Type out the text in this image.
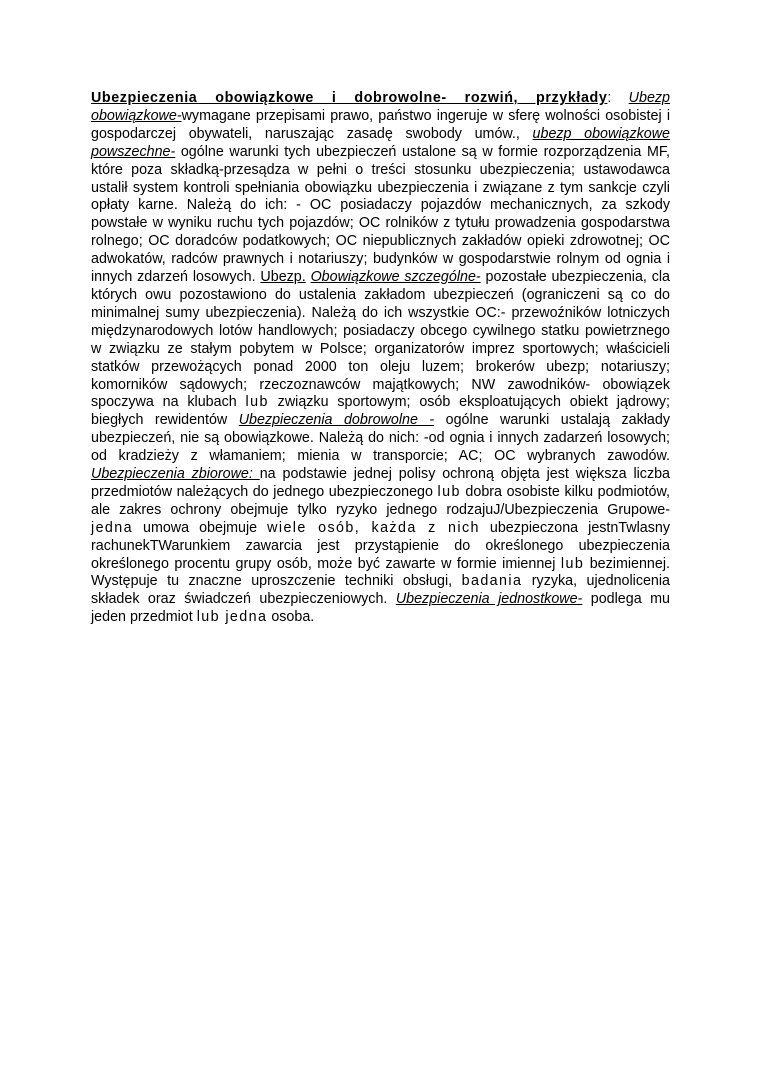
Ubezpieczenia obowiązkowe i dobrowolne- rozwiń, przykłady: Ubezp obowiązkowe-wymagane przepisami prawo, państwo ingeruje w sferę wolności osobistej i gospodarczej obywateli, naruszając zasadę swobody umów., ubezp obowiązkowe powszechne- ogólne warunki tych ubezpieczeń ustalone są w formie rozporządzenia MF, które poza składką-przesądza w pełni o treści stosunku ubezpieczenia; ustawodawca ustalił system kontroli spełniania obowiązku ubezpieczenia i związane z tym sankcje czyli opłaty karne. Należą do ich: - OC posiadaczy pojazdów mechanicznych, za szkody powstałe w wyniku ruchu tych pojazdów; OC rolników z tytułu prowadzenia gospodarstwa rolnego; OC doradców podatkowych; OC niepublicznych zakładów opieki zdrowotnej; OC adwokatów, radców prawnych i notariuszy; budynków w gospodarstwie rolnym od ognia i innych zdarzeń losowych. Ubezp. Obowiązkowe szczególne- pozostałe ubezpieczenia, cla których owu pozostawiono do ustalenia zakładom ubezpieczeń (ograniczeni są co do minimalnej sumy ubezpieczenia). Należą do ich wszystkie OC:- przewoźników lotniczych międzynarodowych lotów handlowych; posiadaczy obcego cywilnego statku powietrznego w związku ze stałym pobytem w Polsce; organizatorów imprez sportowych; właścicieli statków przewożących ponad 2000 ton oleju luzem; brokerów ubezp; notariuszy; komorników sądowych; rzeczoznawców majątkowych; NW zawodników- obowiązek spoczywa na klubach lub związku sportowym; osób eksploatujących obiekt jądrowy; biegłych rewidentów Ubezpieczenia dobrowolne - ogólne warunki ustalają zakłady ubezpieczeń, nie są obowiązkowe. Należą do nich: -od ognia i innych zadarzeń losowych; od kradzieży z włamaniem; mienia w transporcie; AC; OC wybranych zawodów. Ubezpieczenia zbiorowe: na podstawie jednej polisy ochroną objęta jest większa liczba przedmiotów należących do jednego ubezpieczonego lub dobra osobiste kilku podmiotów, ale zakres ochrony obejmuje tylko ryzyko jednego rodzajuJ/Ubezpieczenia Grupowe- jedna umowa obejmuje wiele osób, każda z nich ubezpieczona jestnTwlasny rachunekTWarunkiem zawarcia jest przystąpienie do określonego ubezpieczenia określonego procentu grupy osób, może być zawarte w formie imiennej lub bezimiennej. Występuje tu znaczne uproszczenie techniki obsługi, badania ryzyka, ujednolicenia składek oraz świadczeń ubezpieczeniowych. Ubezpieczenia jednostkowe- podlega mu jeden przedmiot lub jedna osoba.
